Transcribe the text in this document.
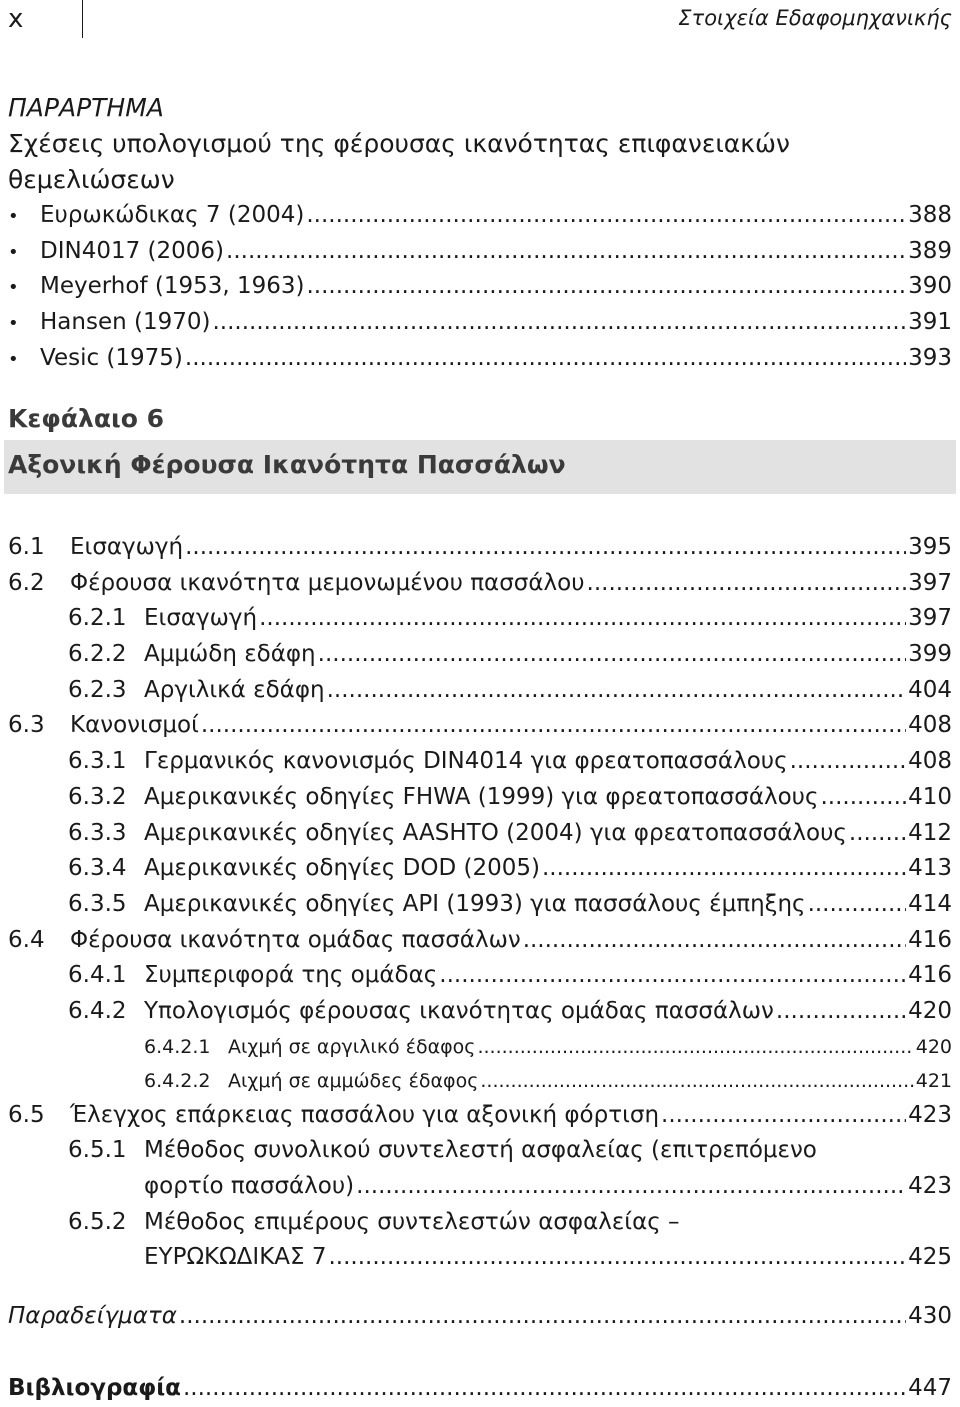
x	Στοιχεία Εδαφομηχανικής
ΠΑΡΑΡΤΗΜΑ
Σχέσεις υπολογισμού της φέρουσας ικανότητας επιφανειακών θεμελιώσεων
• Ευρωκώδικας 7 (2004) .....	388
• DIN4017 (2006) .....	389
• Meyerhof (1953, 1963) .....	390
• Hansen (1970) .....	391
• Vesic (1975) .....	393
Κεφάλαιο 6
Αξονική Φέρουσα Ικανότητα Πασσάλων
6.1	Εισαγωγή .....	395
6.2	Φέρουσα ικανότητα μεμονωμένου πασσάλου .....	397
6.2.1 Εισαγωγή .....	397
6.2.2 Αμμώδη εδάφη .....	399
6.2.3 Αργιλικά εδάφη .....	404
6.3	Κανονισμοί .....	408
6.3.1 Γερμανικός κανονισμός DIN4014 για φρεατοπασσάλους .....	408
6.3.2 Αμερικανικές οδηγίες FHWA (1999) για φρεατοπασσάλους .....	410
6.3.3 Αμερικανικές οδηγίες AASHTO (2004) για φρεατοπασσάλους .....	412
6.3.4 Αμερικανικές οδηγίες DOD (2005) .....	413
6.3.5 Αμερικανικές οδηγίες API (1993) για πασσάλους έμπηξης .....	414
6.4	Φέρουσα ικανότητα ομάδας πασσάλων .....	416
6.4.1 Συμπεριφορά της ομάδας .....	416
6.4.2 Υπολογισμός φέρουσας ικανότητας ομάδας πασσάλων .....	420
6.4.2.1 Αιχμή σε αργιλικό έδαφος .....	420
6.4.2.2 Αιχμή σε αμμώδες έδαφος .....	421
6.5	Έλεγχος επάρκειας πασσάλου για αξονική φόρτιση .....	423
6.5.1 Μέθοδος συνολικού συντελεστή ασφαλείας (επιτρεπόμενο
φορτίο πασσάλου) .....	423
6.5.2 Μέθοδος επιμέρους συντελεστών ασφαλείας –
ΕΥΡΩΚΩΔΙΚΑΣ 7 .....	425
Παραδείγματα .....	430
Βιβλιογραφία .....	447
